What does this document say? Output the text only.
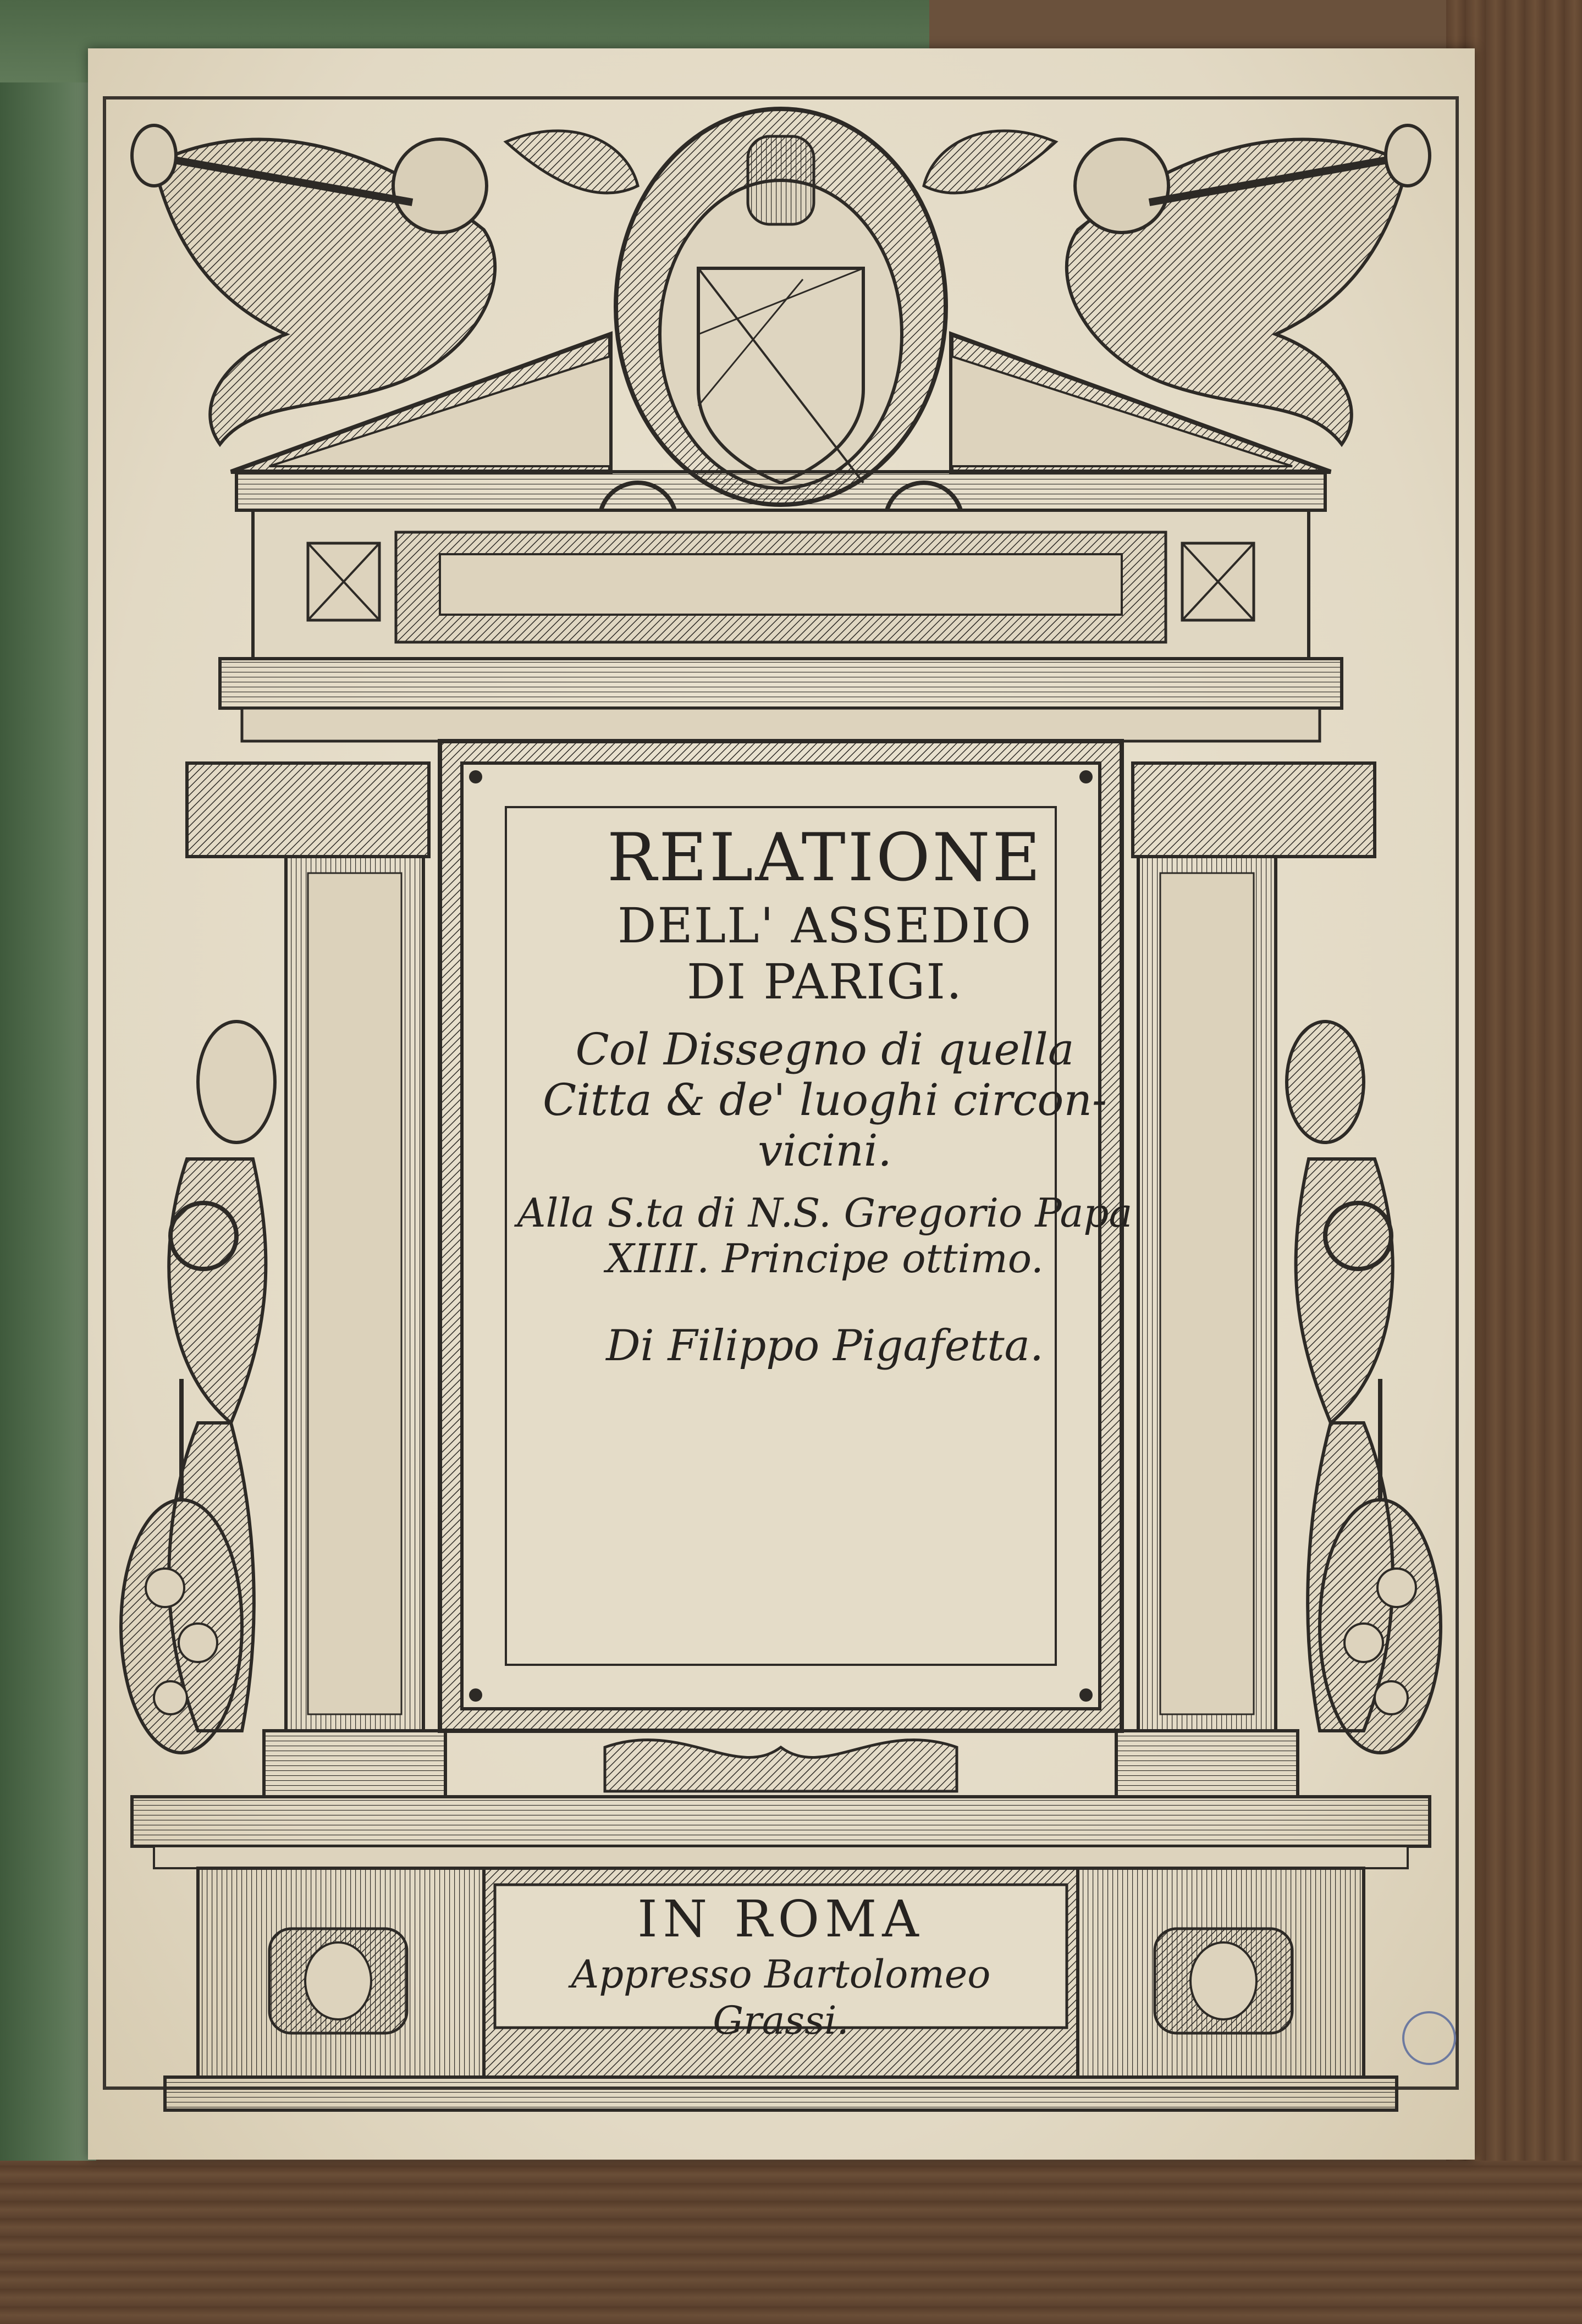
RELATIONE
DELL' ASSEDIO
DI PARIGI.
Col Dissegno di quella
Citta & de' luoghi circon-
vicini.
Alla S.ta di N.S. Gregorio Papa
XIIII. Principe ottimo.
Di Filippo Pigafetta.
IN ROMA
Appresso Bartolomeo Grassi.
